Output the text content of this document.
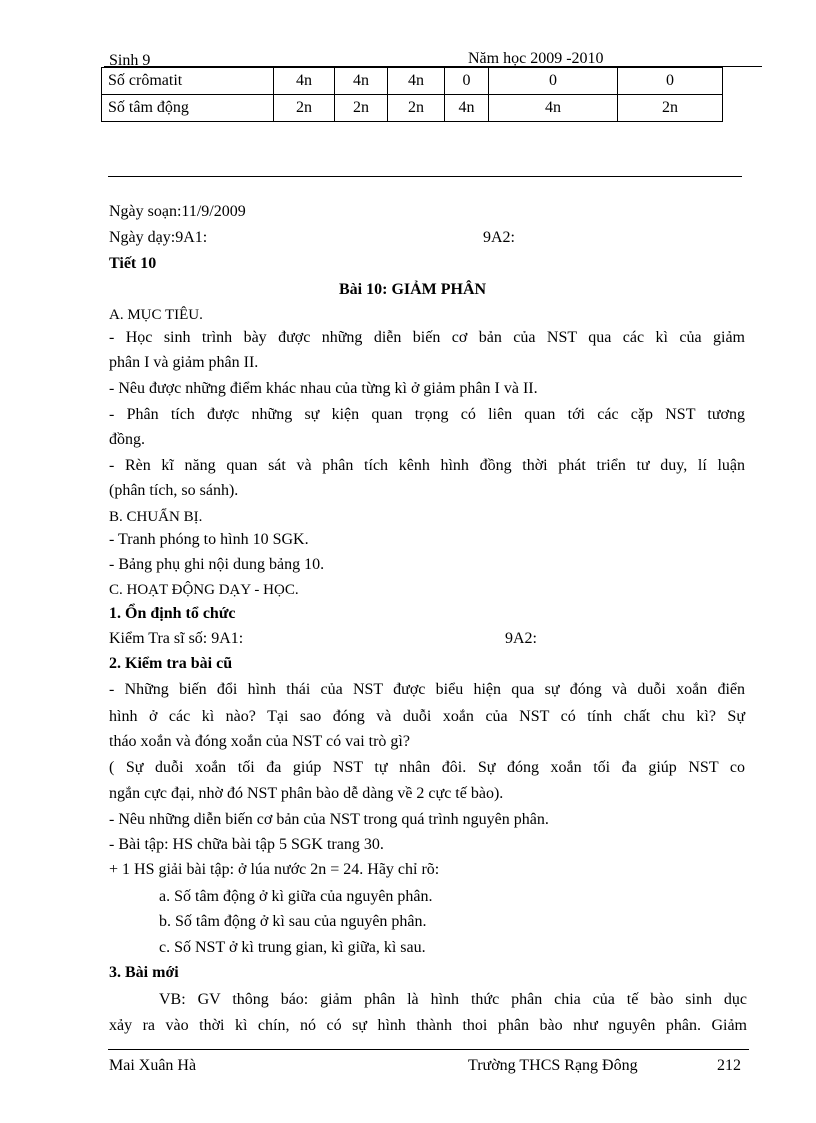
Sinh 9	Năm học 2009 -2010
Số crômatit	4n	4n	4n	0	0	0
Số tâm động	2n	2n	2n	4n	4n	2n
Ngày soạn:11/9/2009
Ngày dạy:9A1:	9A2:
Tiết 10
Bài 10: GIẢM PHÂN
A. MỤC TIÊU.
- Học sinh trình bày được những diễn biến cơ bản của NST qua các kì của giảm
phân I và giảm phân II.
- Nêu được những điểm khác nhau của từng kì ở giảm phân I và II.
- Phân tích được những sự kiện quan trọng có liên quan tới các cặp NST tương
đồng.
- Rèn kĩ năng quan sát và phân tích kênh hình đồng thời phát triển tư duy, lí luận
(phân tích, so sánh).
B. CHUẨN BỊ.
- Tranh phóng to hình 10 SGK.
- Bảng phụ ghi nội dung bảng 10.
C. HOẠT ĐỘNG DẠY - HỌC.
1. Ổn định tổ chức
Kiểm Tra sĩ số: 9A1:	9A2:
2. Kiểm tra bài cũ
- Những biến đổi hình thái của NST được biểu hiện qua sự đóng và duỗi xoắn điển
hình ở các kì nào? Tại sao đóng và duỗi xoắn của NST có tính chất chu kì? Sự
tháo xoắn và đóng xoắn của NST có vai trò gì?
( Sự duỗi xoắn tối đa giúp NST tự nhân đôi. Sự đóng xoắn tối đa giúp NST co
ngắn cực đại, nhờ đó NST phân bào dễ dàng về 2 cực tế bào).
- Nêu những diễn biến cơ bản của NST trong quá trình nguyên phân.
- Bài tập: HS chữa bài tập 5 SGK trang 30.
+ 1 HS giải bài tập: ở lúa nước 2n = 24. Hãy chỉ rõ:
a. Số tâm động ở kì giữa của nguyên phân.
b. Số tâm động ở kì sau của nguyên phân.
c. Số NST ở kì trung gian, kì giữa, kì sau.
3. Bài mới
VB: GV thông báo: giảm phân là hình thức phân chia của tế bào sinh dục
xảy ra vào thời kì chín, nó có sự hình thành thoi phân bào như nguyên phân. Giảm
Mai Xuân Hà	Trường THCS Rạng Đông	212
